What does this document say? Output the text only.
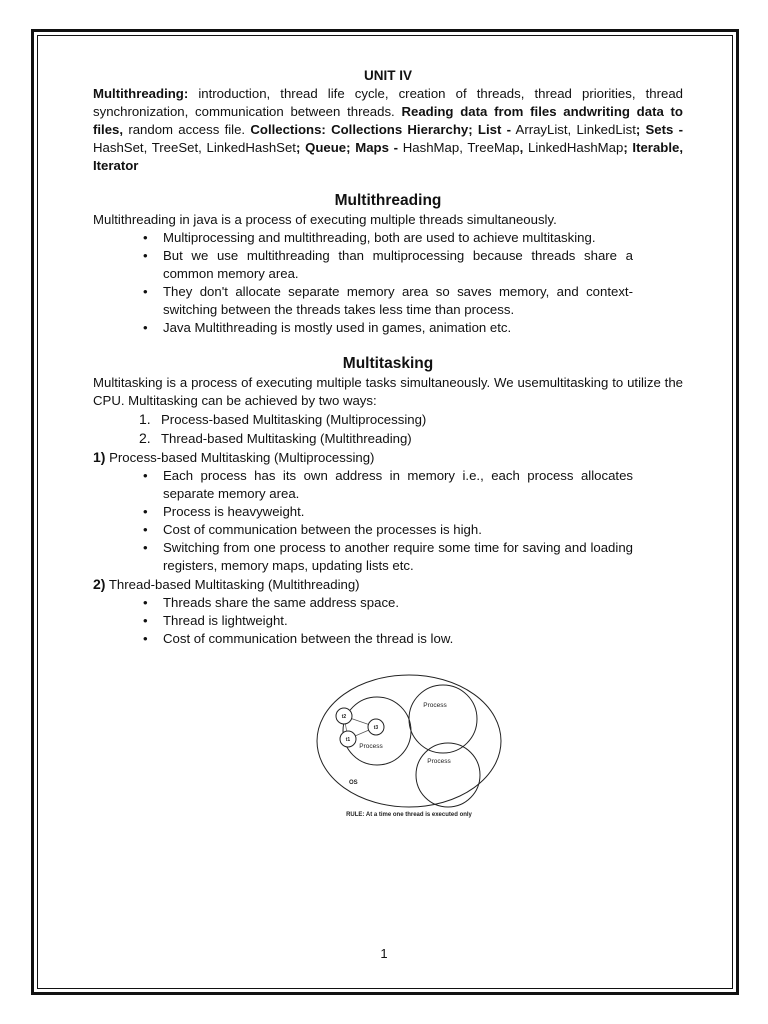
UNIT IV

Multithreading: introduction, thread life cycle, creation of threads, thread priorities, thread synchronization, communication between threads. Reading data from files andwriting data to files, random access file. Collections: Collections Hierarchy; List - ArrayList, LinkedList; Sets - HashSet, TreeSet, LinkedHashSet; Queue; Maps - HashMap, TreeMap, LinkedHashMap; Iterable, Iterator

Multithreading

Multithreading in java is a process of executing multiple threads simultaneously.

• Multiprocessing and multithreading, both are used to achieve multitasking.
• But we use multithreading than multiprocessing because threads share a common memory area.
• They don't allocate separate memory area so saves memory, and context-switching between the threads takes less time than process.
• Java Multithreading is mostly used in games, animation etc.
Multitasking

Multitasking is a process of executing multiple tasks simultaneously. We usemultitasking to utilize the CPU. Multitasking can be achieved by two ways:

1. Process-based Multitasking (Multiprocessing)
2. Thread-based Multitasking (Multithreading)
1) Process-based Multitasking (Multiprocessing)
• Each process has its own address in memory i.e., each process allocates separate memory area.
• Process is heavyweight.
• Cost of communication between the processes is high.
• Switching from one process to another require some time for saving and loading registers, memory maps, updating lists etc.
2) Thread-based Multitasking (Multithreading)
• Threads share the same address space.
• Thread is lightweight.
• Cost of communication between the thread is low.
t2
t3
t1
Process
Process
Process
OS
RULE: At a time one thread is executed only
1
